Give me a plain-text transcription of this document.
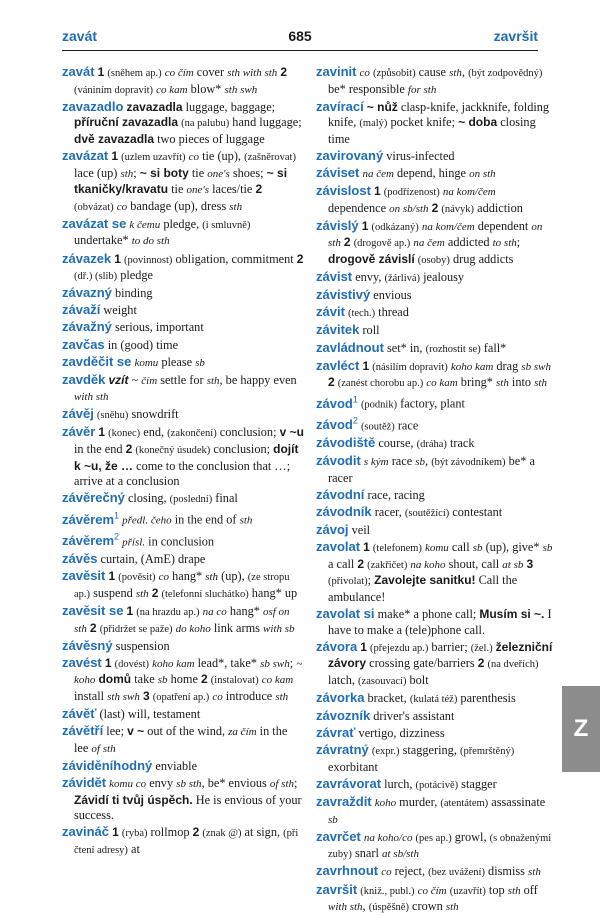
zavát	685	završit
zavát 1 (sněhem ap.) co čím cover sth with sth 2 (vániním dopravit) co kam blow* sth swh
zavazadlo zavazadla luggage, baggage; příruční zavazadla (na palubu) hand luggage; dvě zavazadla two pieces of luggage
zavázat 1 (uzlem uzavřít) co tie (up), (zašněrovat) lace (up) sth; ~ si boty tie one's shoes; ~ si tkaničky/kravatu tie one's laces/tie 2 (obvázat) co bandage (up), dress sth
zavázat se k čemu pledge, (i smluvně) undertake* to do sth
závazek 1 (povinnost) obligation, commitment 2 (dř.) (slib) pledge
závazný binding
závaží weight
závažný serious, important
zavčas in (good) time
zavděčit se komu please sb
zavděk vzít ~ čím settle for sth, be happy even with sth
závěj (sněhu) snowdrift
závěr 1 (konec) end, (zakončení) conclusion; v ~u in the end 2 (konečný úsudek) conclusion; dojít k ~u, že … come to the conclusion that …; arrive at a conclusion
závěrečný closing, (poslední) final
závěrem$^1$ předl. čeho in the end of sth
závěrem$^2$ přísl. in conclusion
závěs curtain, (AmE) drape
zavěsit 1 (pověsit) co hang* sth (up), (ze stropu ap.) suspend sth 2 (telefonní sluchátko) hang* up
zavěsit se 1 (na hrazdu ap.) na co hang* osf on sth 2 (přidržet se paže) do koho link arms with sb
závěsný suspension
zavést 1 (dovést) koho kam lead*, take* sb swh; ~ koho domů take sb home 2 (instalovat) co kam install sth swh 3 (opatření ap.) co introduce sth
závěť (last) will, testament
závětří lee; v ~ out of the wind, za čím in the lee of sth
záviděníhodný enviable
závidět komu co envy sb sth, be* envious of sth; Závidí ti tvůj úspěch. He is envious of your success.
zavináč 1 (ryba) rollmop 2 (znak @) at sign, (při čtení adresy) at
zavinit co (způsobit) cause sth, (být zodpovědný) be* responsible for sth
zavírací ~ nůž clasp-knife, jackknife, folding knife, (malý) pocket knife; ~ doba closing time
zavirovaný virus-infected
záviset na čem depend, hinge on sth
závislost 1 (podřízenost) na kom/čem dependence on sb/sth 2 (návyk) addiction
závislý 1 (odkázaný) na kom/čem dependent on sth 2 (drogově ap.) na čem addicted to sth; drogově závislí (osoby) drug addicts
závist envy, (žárlivá) jealousy
závistivý envious
závit (tech.) thread
závitek roll
zavládnout set* in, (rozhostit se) fall*
zavléct 1 (násilím dopravit) koho kam drag sb swh 2 (zanést chorobu ap.) co kam bring* sth into sth
závod$^1$ (podnik) factory, plant
závod$^2$ (soutěž) race
závodiště course, (dráha) track
závodit s kým race sb, (být závodníkem) be* a racer
závodní race, racing
závodník racer, (soutěžící) contestant
závoj veil
zavolat 1 (telefonem) komu call sb (up), give* sb a call 2 (zakřičet) na koho shout, call at sb 3 (přivolat); Zavolejte sanitku! Call the ambulance!
zavolat si make* a phone call; Musím si ~. I have to make a (tele)phone call.
závora 1 (přejezdu ap.) barrier; (žel.) železniční závory crossing gate/barriers 2 (na dveřích) latch, (zasouvací) bolt
závorka bracket, (kulatá též) parenthesis
závozník driver's assistant
závrať vertigo, dizziness
závratný (expr.) staggering, (přemrštěný) exorbitant
zavrávorat lurch, (potácivě) stagger
zavraždit koho murder, (atentátem) assassinate sb
zavrčet na koho/co (pes ap.) growl, (s obnaženými zuby) snarl at sb/sth
zavrhnout co reject, (bez uvážení) dismiss sth
završit (kniž., publ.) co čím (uzavřít) top sth off with sth, (úspěšně) crown sth
Z
